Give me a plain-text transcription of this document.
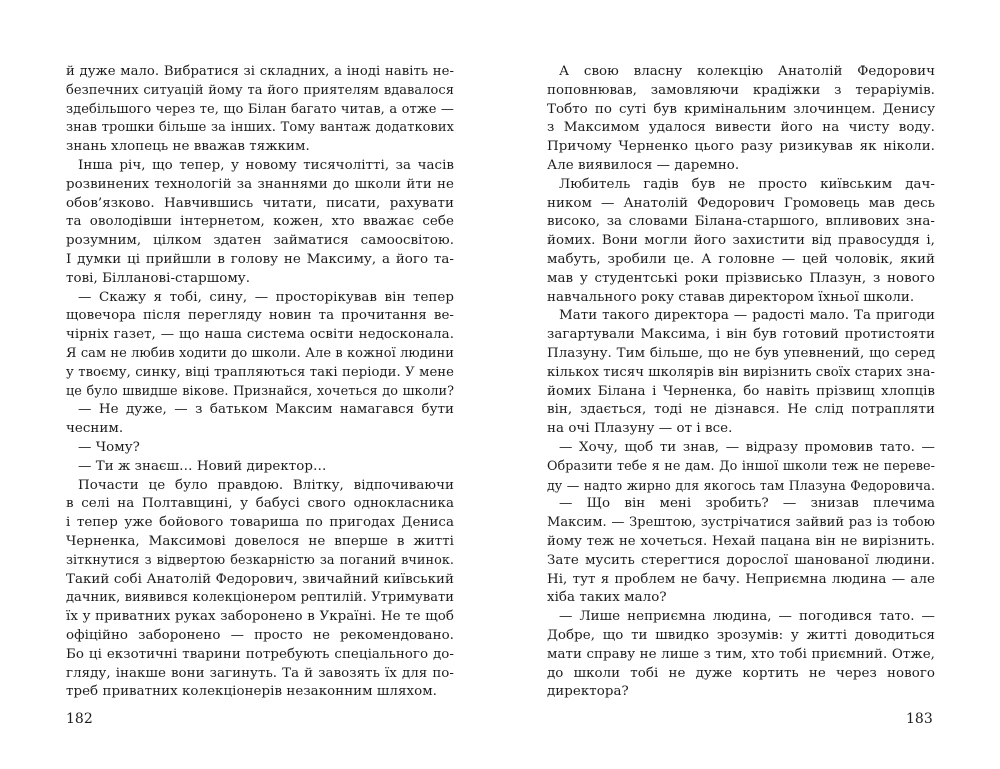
й дуже мало. Вибратися зі складних, а іноді навіть не-
безпечних ситуацій йому та його приятелям вдавалося
здебільшого через те, що Білан багато читав, а отже —
знав трошки більше за інших. Тому вантаж додаткових
знань хлопець не вважав тяжким.
Інша річ, що тепер, у новому тисячолітті, за часів
розвинених технологій за знаннями до школи йти не
обов’язково. Навчившись читати, писати, рахувати
та оволодівши інтернетом, кожен, хто вважає себе
розумним, цілком здатен займатися самоосвітою.
І думки ці прийшли в голову не Максиму, а його та-
тові, Білланові-старшому.
— Скажу я тобі, сину, — просторікував він тепер
щовечора після перегляду новин та прочитання ве-
чірніх газет, — що наша система освіти недосконала.
Я сам не любив ходити до школи. Але в кожної людини
у твоєму, синку, віці трапляються такі періоди. У мене
це було швидше вікове. Признайся, хочеться до школи?
— Не дуже, — з батьком Максим намагався бути
чесним.
— Чому?
— Ти ж знаєш… Новий директор…
Почасти це було правдою. Влітку, відпочиваючи
в селі на Полтавщині, у бабусі свого однокласника
і тепер уже бойового товариша по пригодах Дениса
Черненка, Максимові довелося не вперше в житті
зіткнутися з відвертою безкарністю за поганий вчинок.
Такий собі Анатолій Федорович, звичайний київський
дачник, виявився колекціонером рептилій. Утримувати
їх у приватних руках заборонено в Україні. Не те щоб
офіційно заборонено — просто не рекомендовано.
Бо ці екзотичні тварини потребують спеціального до-
гляду, інакше вони загинуть. Та й завозять їх для по-
треб приватних колекціонерів незаконним шляхом.
А свою власну колекцію Анатолій Федорович
поповнював, замовляючи крадіжки з тераріумів.
Тобто по суті був кримінальним злочинцем. Денису
з Максимом удалося вивести його на чисту воду.
Причому Черненко цього разу ризикував як ніколи.
Але виявилося — даремно.
Любитель гадів був не просто київським дач-
ником — Анатолій Федорович Громовець мав десь
високо, за словами Білана-старшого, впливових зна-
йомих. Вони могли його захистити від правосуддя і,
мабуть, зробили це. А головне — цей чоловік, який
мав у студентські роки прізвисько Плазун, з нового
навчального року ставав директором їхньої школи.
Мати такого директора — радості мало. Та пригоди
загартували Максима, і він був готовий протистояти
Плазуну. Тим більше, що не був упевнений, що серед
кількох тисяч школярів він вирізнить своїх старих зна-
йомих Білана і Черненка, бо навіть прізвищ хлопців
він, здається, тоді не дізнався. Не слід потрапляти
на очі Плазуну — от і все.
— Хочу, щоб ти знав, — відразу промовив тато. —
Образити тебе я не дам. До іншої школи теж не переве-
ду — надто жирно для якогось там Плазуна Федоровича.
— Що він мені зробить? — знизав плечима
Максим. — Зрештою, зустрічатися зайвий раз із тобою
йому теж не хочеться. Нехай пацана він не вирізнить.
Зате мусить стерегтися дорослої шанованої людини.
Ні, тут я проблем не бачу. Неприємна людина — але
хіба таких мало?
— Лише неприємна людина, — погодився тато. —
Добре, що ти швидко зрозумів: у житті доводиться
мати справу не лише з тим, хто тобі приємний. Отже,
до школи тобі не дуже кортить не через нового
директора?
182	183
